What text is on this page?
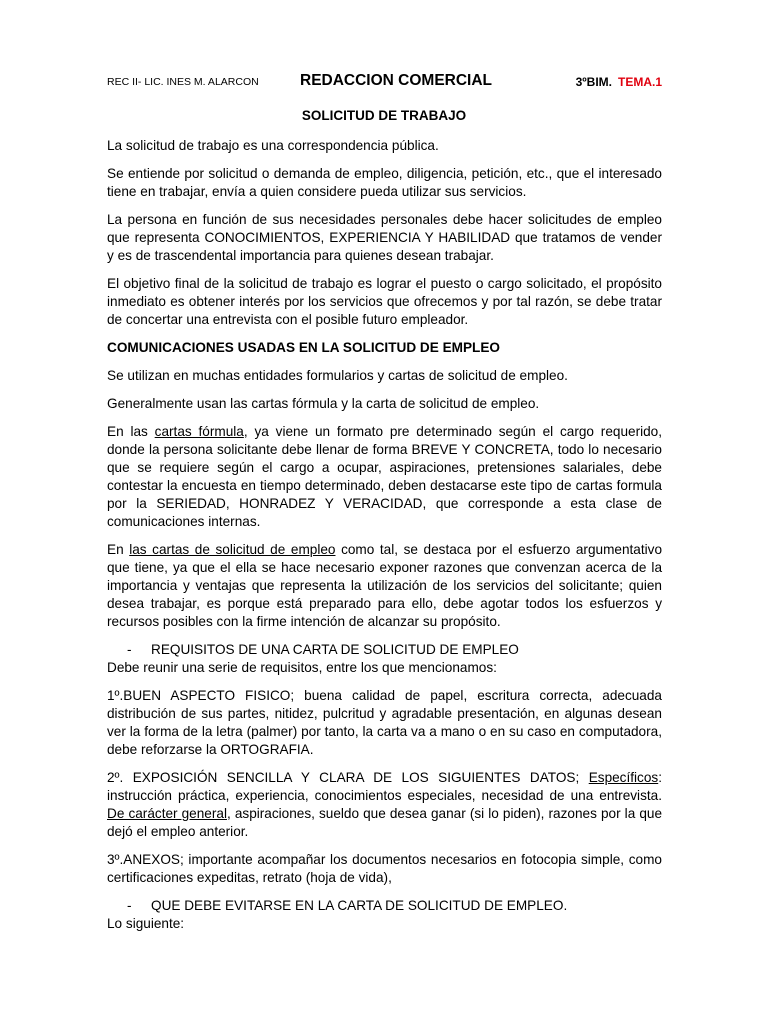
REC II- LIC. INES M. ALARCON	REDACCION COMERCIAL	3ºBIM. TEMA.1
SOLICITUD DE TRABAJO

La solicitud de trabajo es una correspondencia pública.

Se entiende por solicitud o demanda de empleo, diligencia, petición, etc., que el interesado tiene en trabajar, envía a quien considere pueda utilizar sus servicios.

La persona en función de sus necesidades personales debe hacer solicitudes de empleo que representa CONOCIMIENTOS, EXPERIENCIA Y HABILIDAD que tratamos de vender y es de trascendental importancia para quienes desean trabajar.

El objetivo final de la solicitud de trabajo es lograr el puesto o cargo solicitado, el propósito inmediato es obtener interés por los servicios que ofrecemos y por tal razón, se debe tratar de concertar una entrevista con el posible futuro empleador.

COMUNICACIONES USADAS EN LA SOLICITUD DE EMPLEO

Se utilizan en muchas entidades formularios y cartas de solicitud de empleo.

Generalmente usan las cartas fórmula y la carta de solicitud de empleo.

En las cartas fórmula, ya viene un formato pre determinado según el cargo requerido, donde la persona solicitante debe llenar de forma BREVE Y CONCRETA, todo lo necesario que se requiere según el cargo a ocupar, aspiraciones, pretensiones salariales, debe contestar la encuesta en tiempo determinado, deben destacarse este tipo de cartas formula por la SERIEDAD, HONRADEZ Y VERACIDAD, que corresponde a esta clase de comunicaciones internas.

En las cartas de solicitud de empleo como tal, se destaca por el esfuerzo argumentativo que tiene, ya que el ella se hace necesario exponer razones que convenzan acerca de la importancia y ventajas que representa la utilización de los servicios del solicitante; quien desea trabajar, es porque está preparado para ello, debe agotar todos los esfuerzos y recursos posibles con la firme intención de alcanzar su propósito.

-	REQUISITOS DE UNA CARTA DE SOLICITUD DE EMPLEO

Debe reunir una serie de requisitos, entre los que mencionamos:

1º.BUEN ASPECTO FISICO; buena calidad de papel, escritura correcta, adecuada distribución de sus partes, nitidez, pulcritud y agradable presentación, en algunas desean ver la forma de la letra (palmer) por tanto, la carta va a mano o en su caso en computadora, debe reforzarse la ORTOGRAFIA.

2º. EXPOSICIÓN SENCILLA Y CLARA DE LOS SIGUIENTES DATOS; Específicos: instrucción práctica, experiencia, conocimientos especiales, necesidad de una entrevista. De carácter general, aspiraciones, sueldo que desea ganar (si lo piden), razones por la que dejó el empleo anterior.

3º.ANEXOS; importante acompañar los documentos necesarios en fotocopia simple, como certificaciones expeditas, retrato (hoja de vida),

-	QUE DEBE EVITARSE EN LA CARTA DE SOLICITUD DE EMPLEO.

Lo siguiente:
